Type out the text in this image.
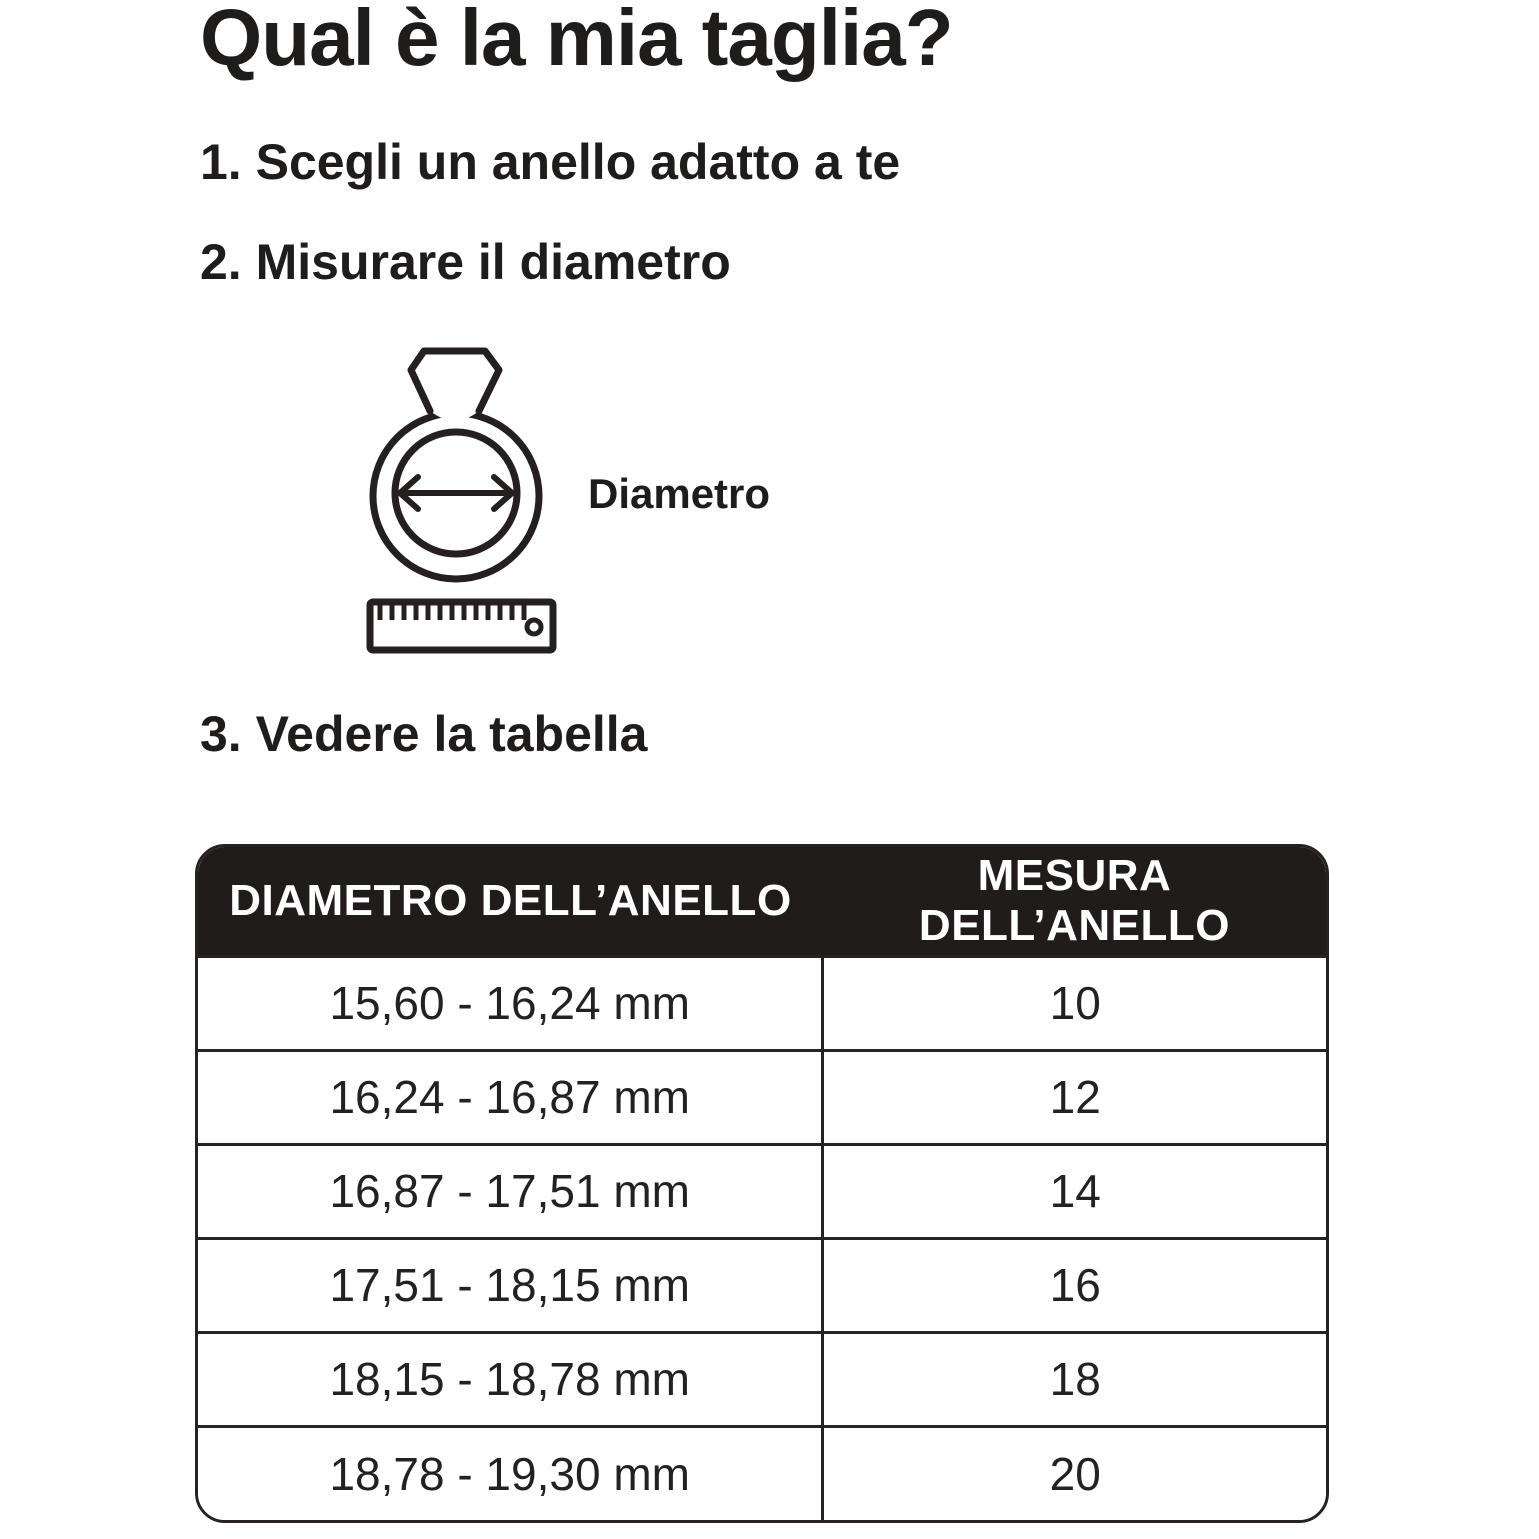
Qual è la mia taglia?
1. Scegli un anello adatto a te
2. Misurare il diametro
Diametro
3. Vedere la tabella
DIAMETRO DELL’ANELLO	MESURA DELL’ANELLO
15,60 - 16,24 mm	10
16,24 - 16,87 mm	12
16,87 - 17,51 mm	14
17,51 - 18,15 mm	16
18,15 - 18,78 mm	18
18,78 - 19,30 mm	20
